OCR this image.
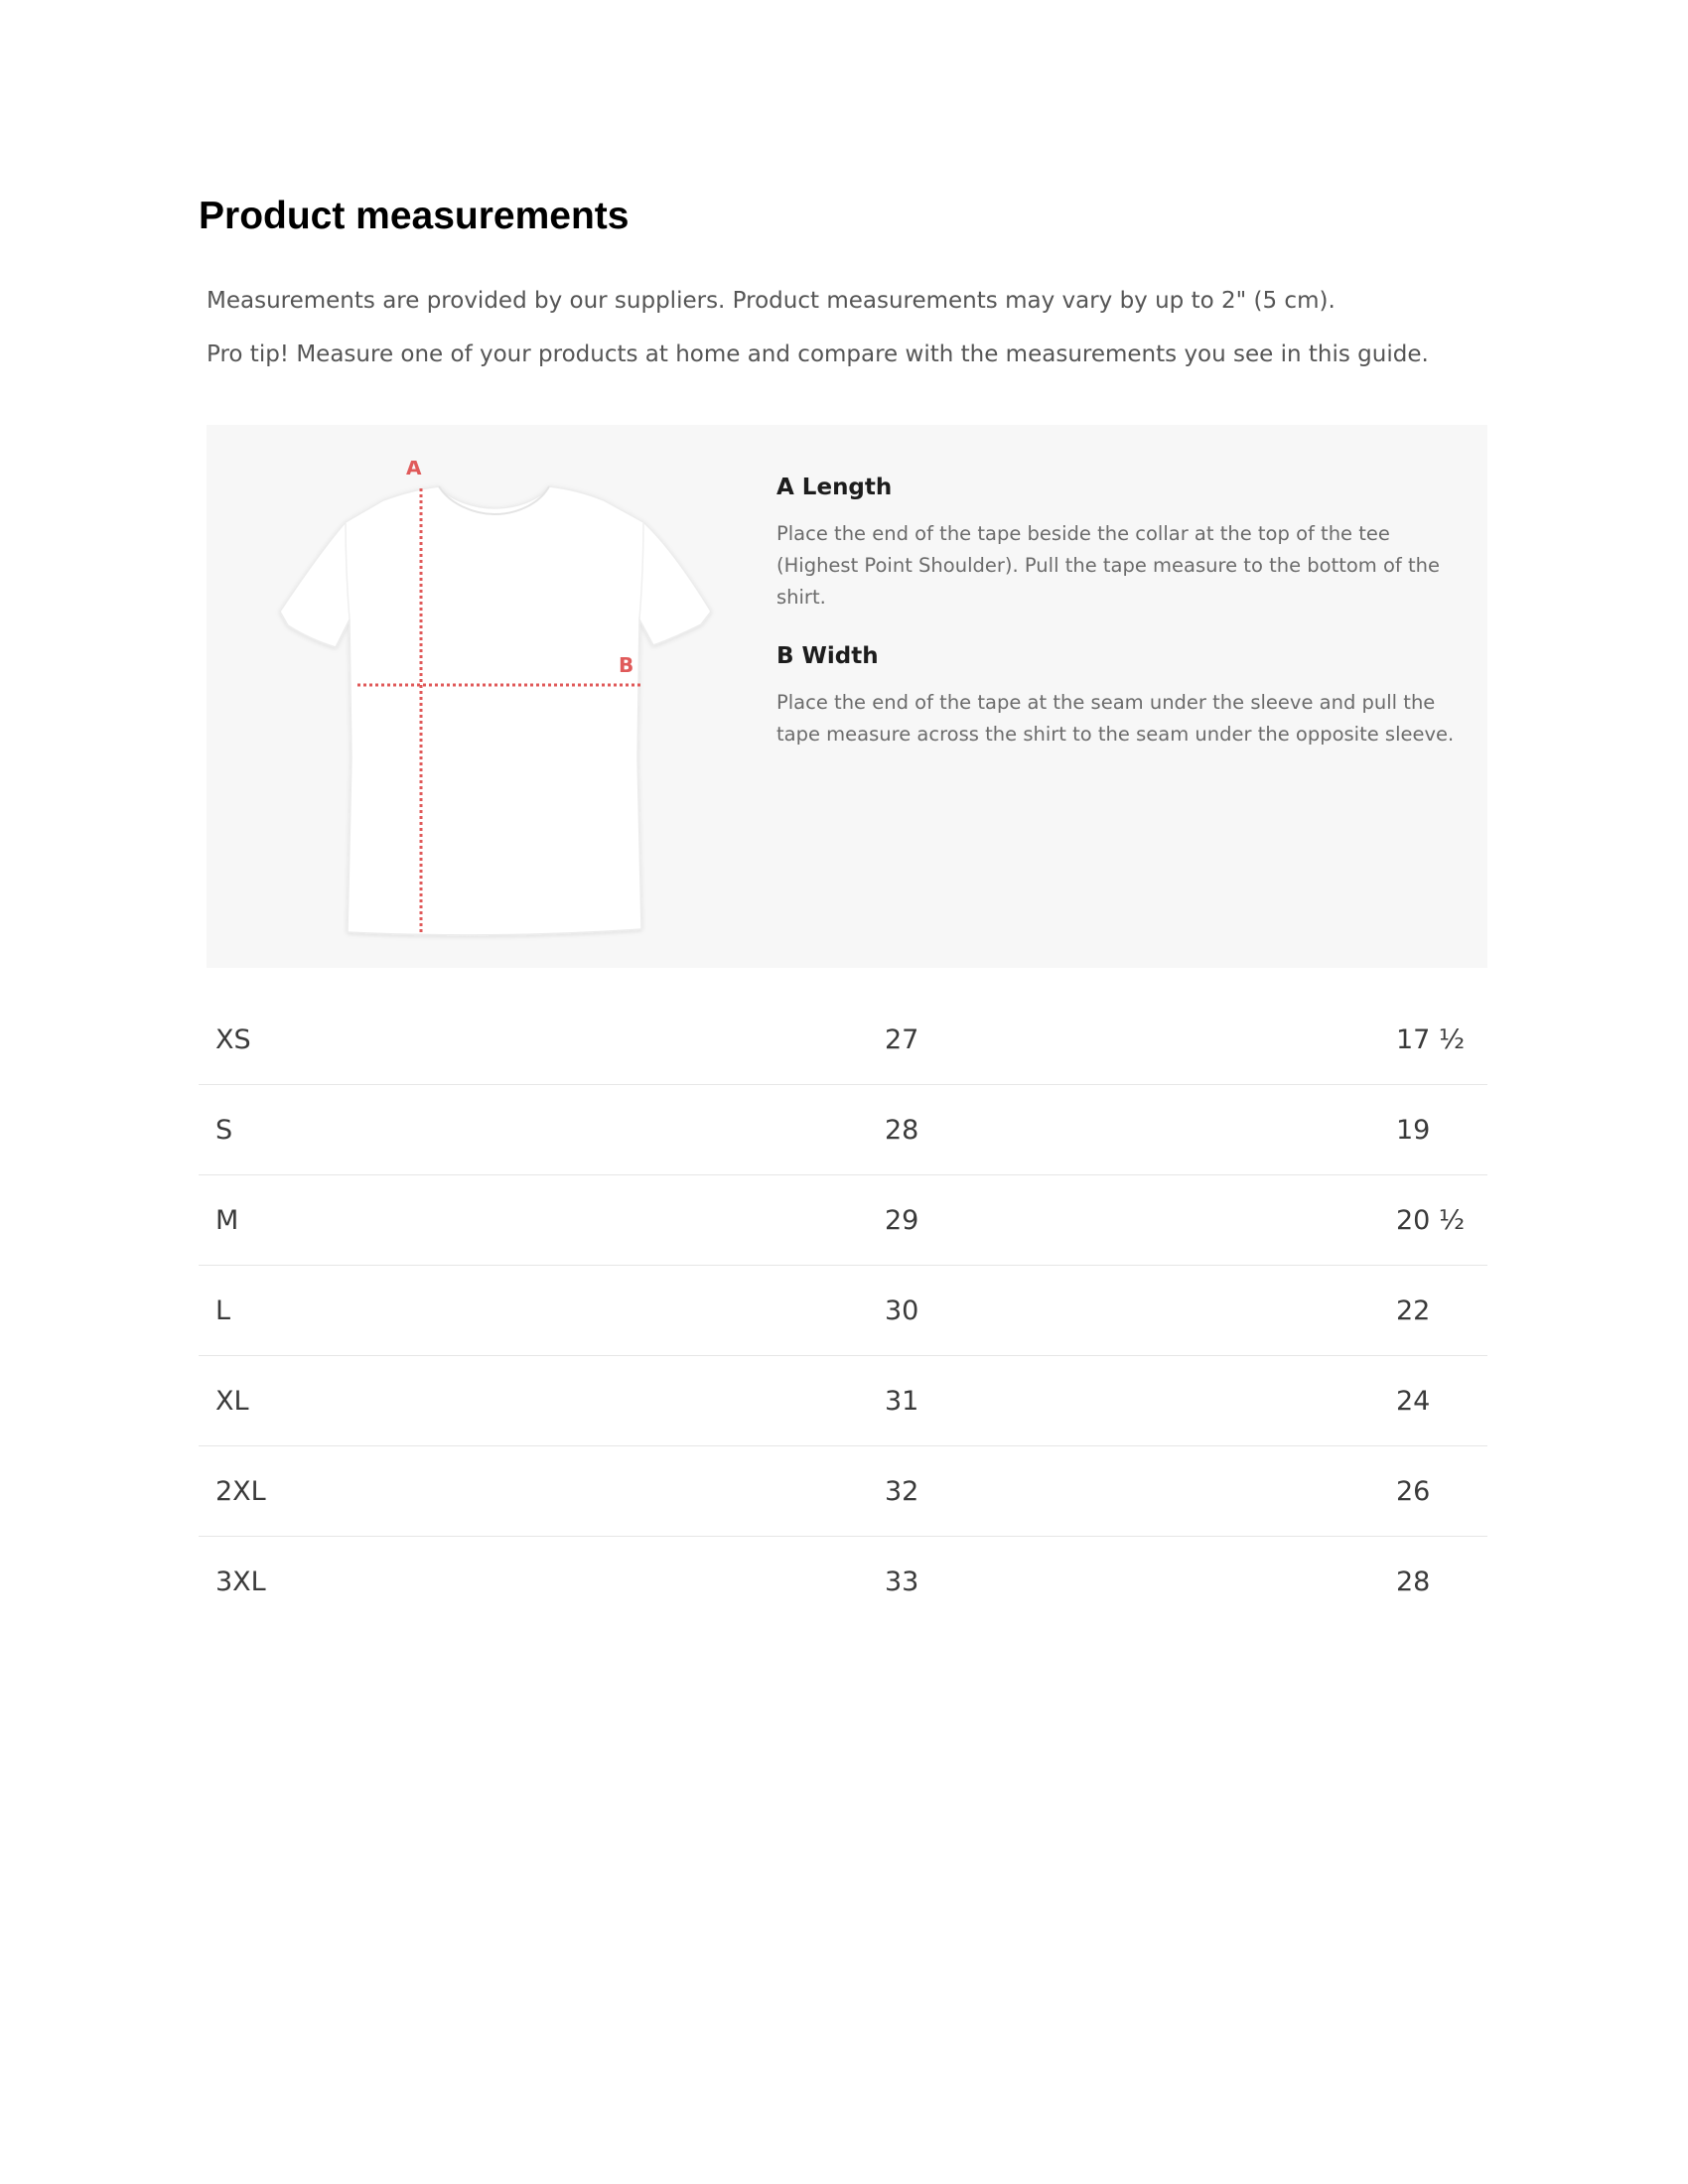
Product measurements

Measurements are provided by our suppliers. Product measurements may vary by up to 2" (5 cm).

Pro tip! Measure one of your products at home and compare with the measurements you see in this guide.

A
B
A Length

Place the end of the tape beside the collar at the top of the tee (Highest Point Shoulder). Pull the tape measure to the bottom of the shirt.

B Width

Place the end of the tape at the seam under the sleeve and pull the tape measure across the shirt to the seam under the opposite sleeve.

XS	27	17 ½
S	28	19
M	29	20 ½
L	30	22
XL	31	24
2XL	32	26
3XL	33	28
